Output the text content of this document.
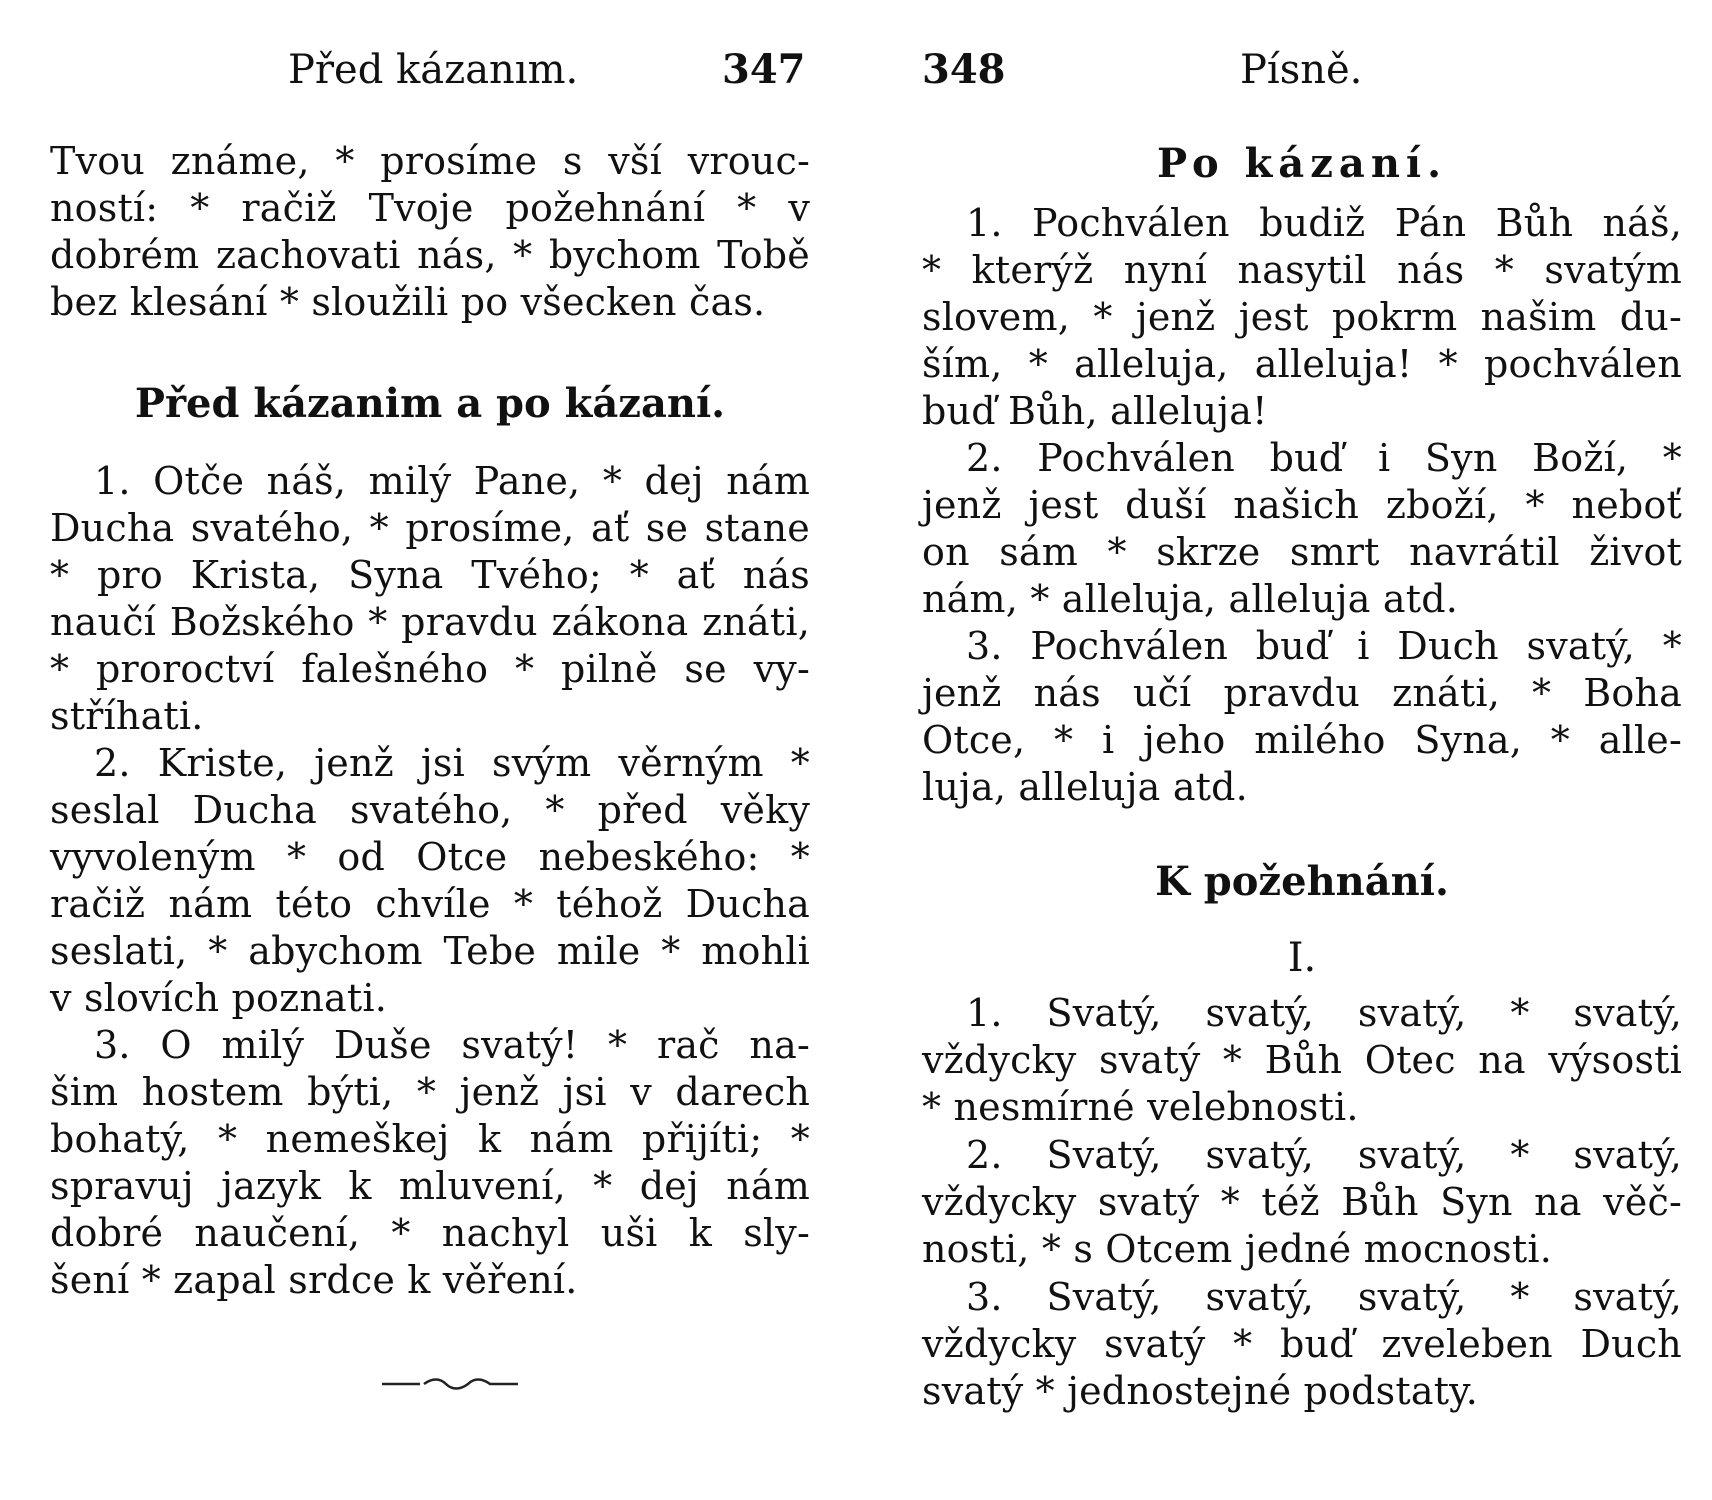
Před kázanım.	347
Tvou známe, * prosíme s vší vrouc-
ností: * račiž Tvoje požehnání * v
dobrém zachovati nás, * bychom Tobě
bez klesání * sloužili po všecken čas.
Před kázanim a po kázaní.
1. Otče náš, milý Pane, * dej nám
Ducha svatého, * prosíme, ať se stane
* pro Krista, Syna Tvého; * ať nás
naučí Božského * pravdu zákona znáti,
* proroctví falešného * pilně se vy-
stříhati.
2. Kriste, jenž jsi svým věrným *
seslal Ducha svatého, * před věky
vyvoleným * od Otce nebeského: *
račiž nám této chvíle * téhož Ducha
seslati, * abychom Tebe mile * mohli
v slovích poznati.
3. O milý Duše svatý! * rač na-
šim hostem býti, * jenž jsi v darech
bohatý, * nemeškej k nám přijíti; *
spravuj jazyk k mluvení, * dej nám
dobré naučení, * nachyl uši k sly-
šení * zapal srdce k věření.
348	Písně.
Po kázaní.
1. Pochválen budiž Pán Bůh náš,
* kterýž nyní nasytil nás * svatým
slovem, * jenž jest pokrm našim du-
ším, * alleluja, alleluja! * pochválen
buď Bůh, alleluja!
2. Pochválen buď i Syn Boží, *
jenž jest duší našich zboží, * neboť
on sám * skrze smrt navrátil život
nám, * alleluja, alleluja atd.
3. Pochválen buď i Duch svatý, *
jenž nás učí pravdu znáti, * Boha
Otce, * i jeho milého Syna, * alle-
luja, alleluja atd.
K požehnání.
I.
1. Svatý, svatý, svatý, * svatý,
vždycky svatý * Bůh Otec na výsosti
* nesmírné velebnosti.
2. Svatý, svatý, svatý, * svatý,
vždycky svatý * též Bůh Syn na věč-
nosti, * s Otcem jedné mocnosti.
3. Svatý, svatý, svatý, * svatý,
vždycky svatý * buď zveleben Duch
svatý * jednostejné podstaty.
